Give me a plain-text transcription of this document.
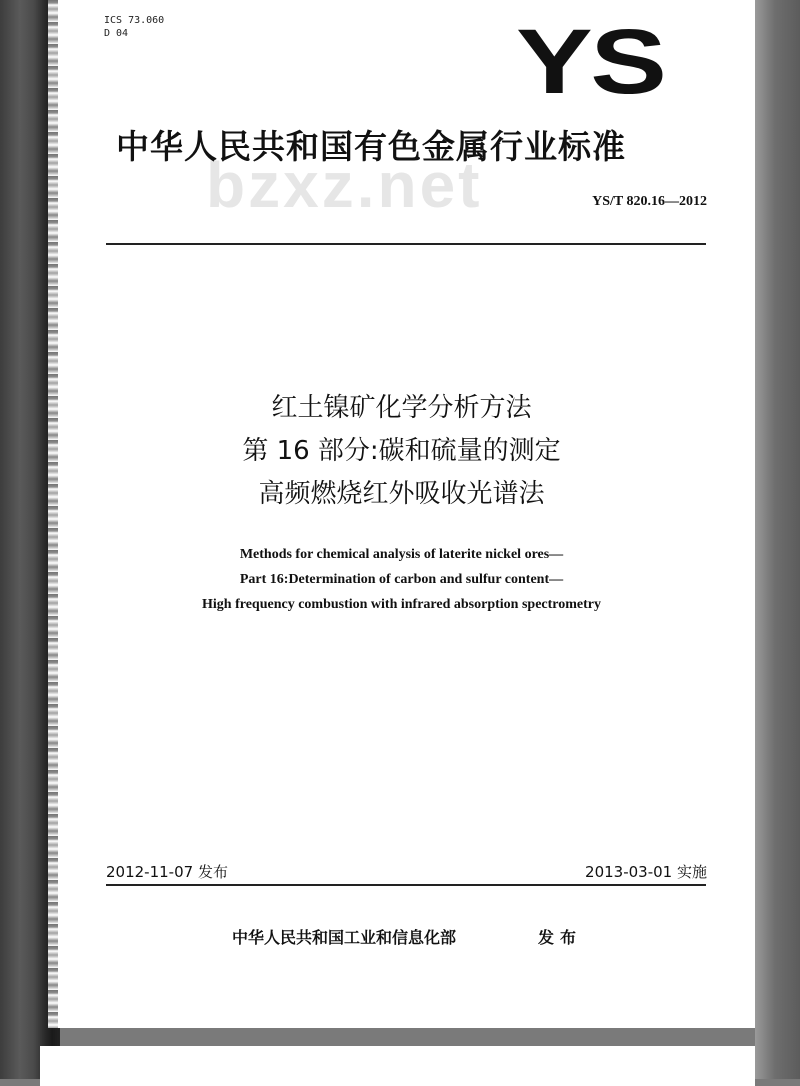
ICS 73.060
D 04	YS
bzxz.net
中华人民共和国有色金属行业标准
YS/T 820.16—2012
红土镍矿化学分析方法
第 16 部分:碳和硫量的测定
高频燃烧红外吸收光谱法
Methods for chemical analysis of laterite nickel ores—
Part 16:Determination of carbon and sulfur content—
High frequency combustion with infrared absorption spectrometry
2012-11-07 发布	2013-03-01 实施
中华人民共和国工业和信息化部	发布
